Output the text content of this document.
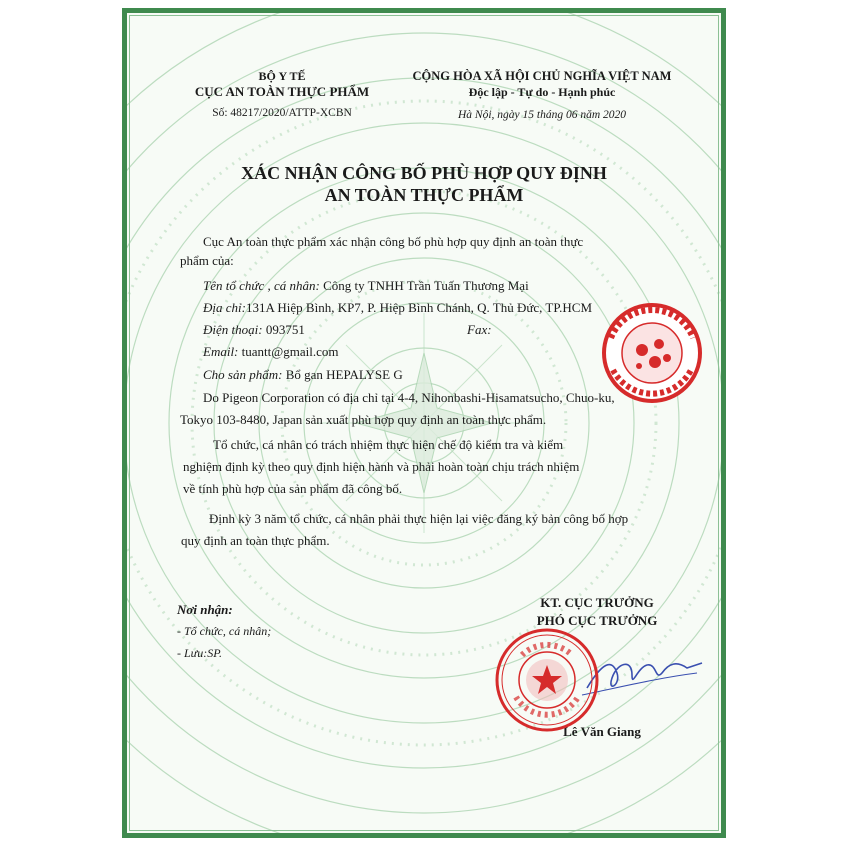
BỘ Y TẾ
CỤC AN TOÀN THỰC PHẨM
Số: 48217/2020/ATTP-XCBN
CỘNG HÒA XÃ HỘI CHỦ NGHĨA VIỆT NAM
Độc lập - Tự do - Hạnh phúc
Hà Nội, ngày 15 tháng 06 năm 2020
XÁC NHẬN CÔNG BỐ PHÙ HỢP QUY ĐỊNH
AN TOÀN THỰC PHẨM
Cục An toàn thực phẩm xác nhận công bố phù hợp quy định an toàn thực
phẩm của:
Tên tổ chức , cá nhân: Công ty TNHH Trần Tuấn Thương Mại
Địa chỉ:131A Hiệp Bình, KP7, P. Hiệp Bình Chánh, Q. Thủ Đức, TP.HCM
Điện thoại: 093751	Fax:
Email: tuantt@gmail.com
Cho sản phẩm: Bổ gan HEPALYSE G
Do Pigeon Corporation có địa chỉ tại 4-4, Nihonbashi-Hisamatsucho, Chuo-ku,
Tokyo 103-8480, Japan sản xuất phù hợp quy định an toàn thực phẩm.
Tổ chức, cá nhân có trách nhiệm thực hiện chế độ kiểm tra và kiểm
nghiệm định kỳ theo quy định hiện hành và phải hoàn toàn chịu trách nhiệm
về tính phù hợp của sản phẩm đã công bố.
Định kỳ 3 năm tổ chức, cá nhân phải thực hiện lại việc đăng ký bản công bố hợp
quy định an toàn thực phẩm.
Nơi nhận:
- Tổ chức, cá nhân;
- Lưu:SP.
KT. CỤC TRƯỞNG
PHÓ CỤC TRƯỞNG
Lê Văn Giang
